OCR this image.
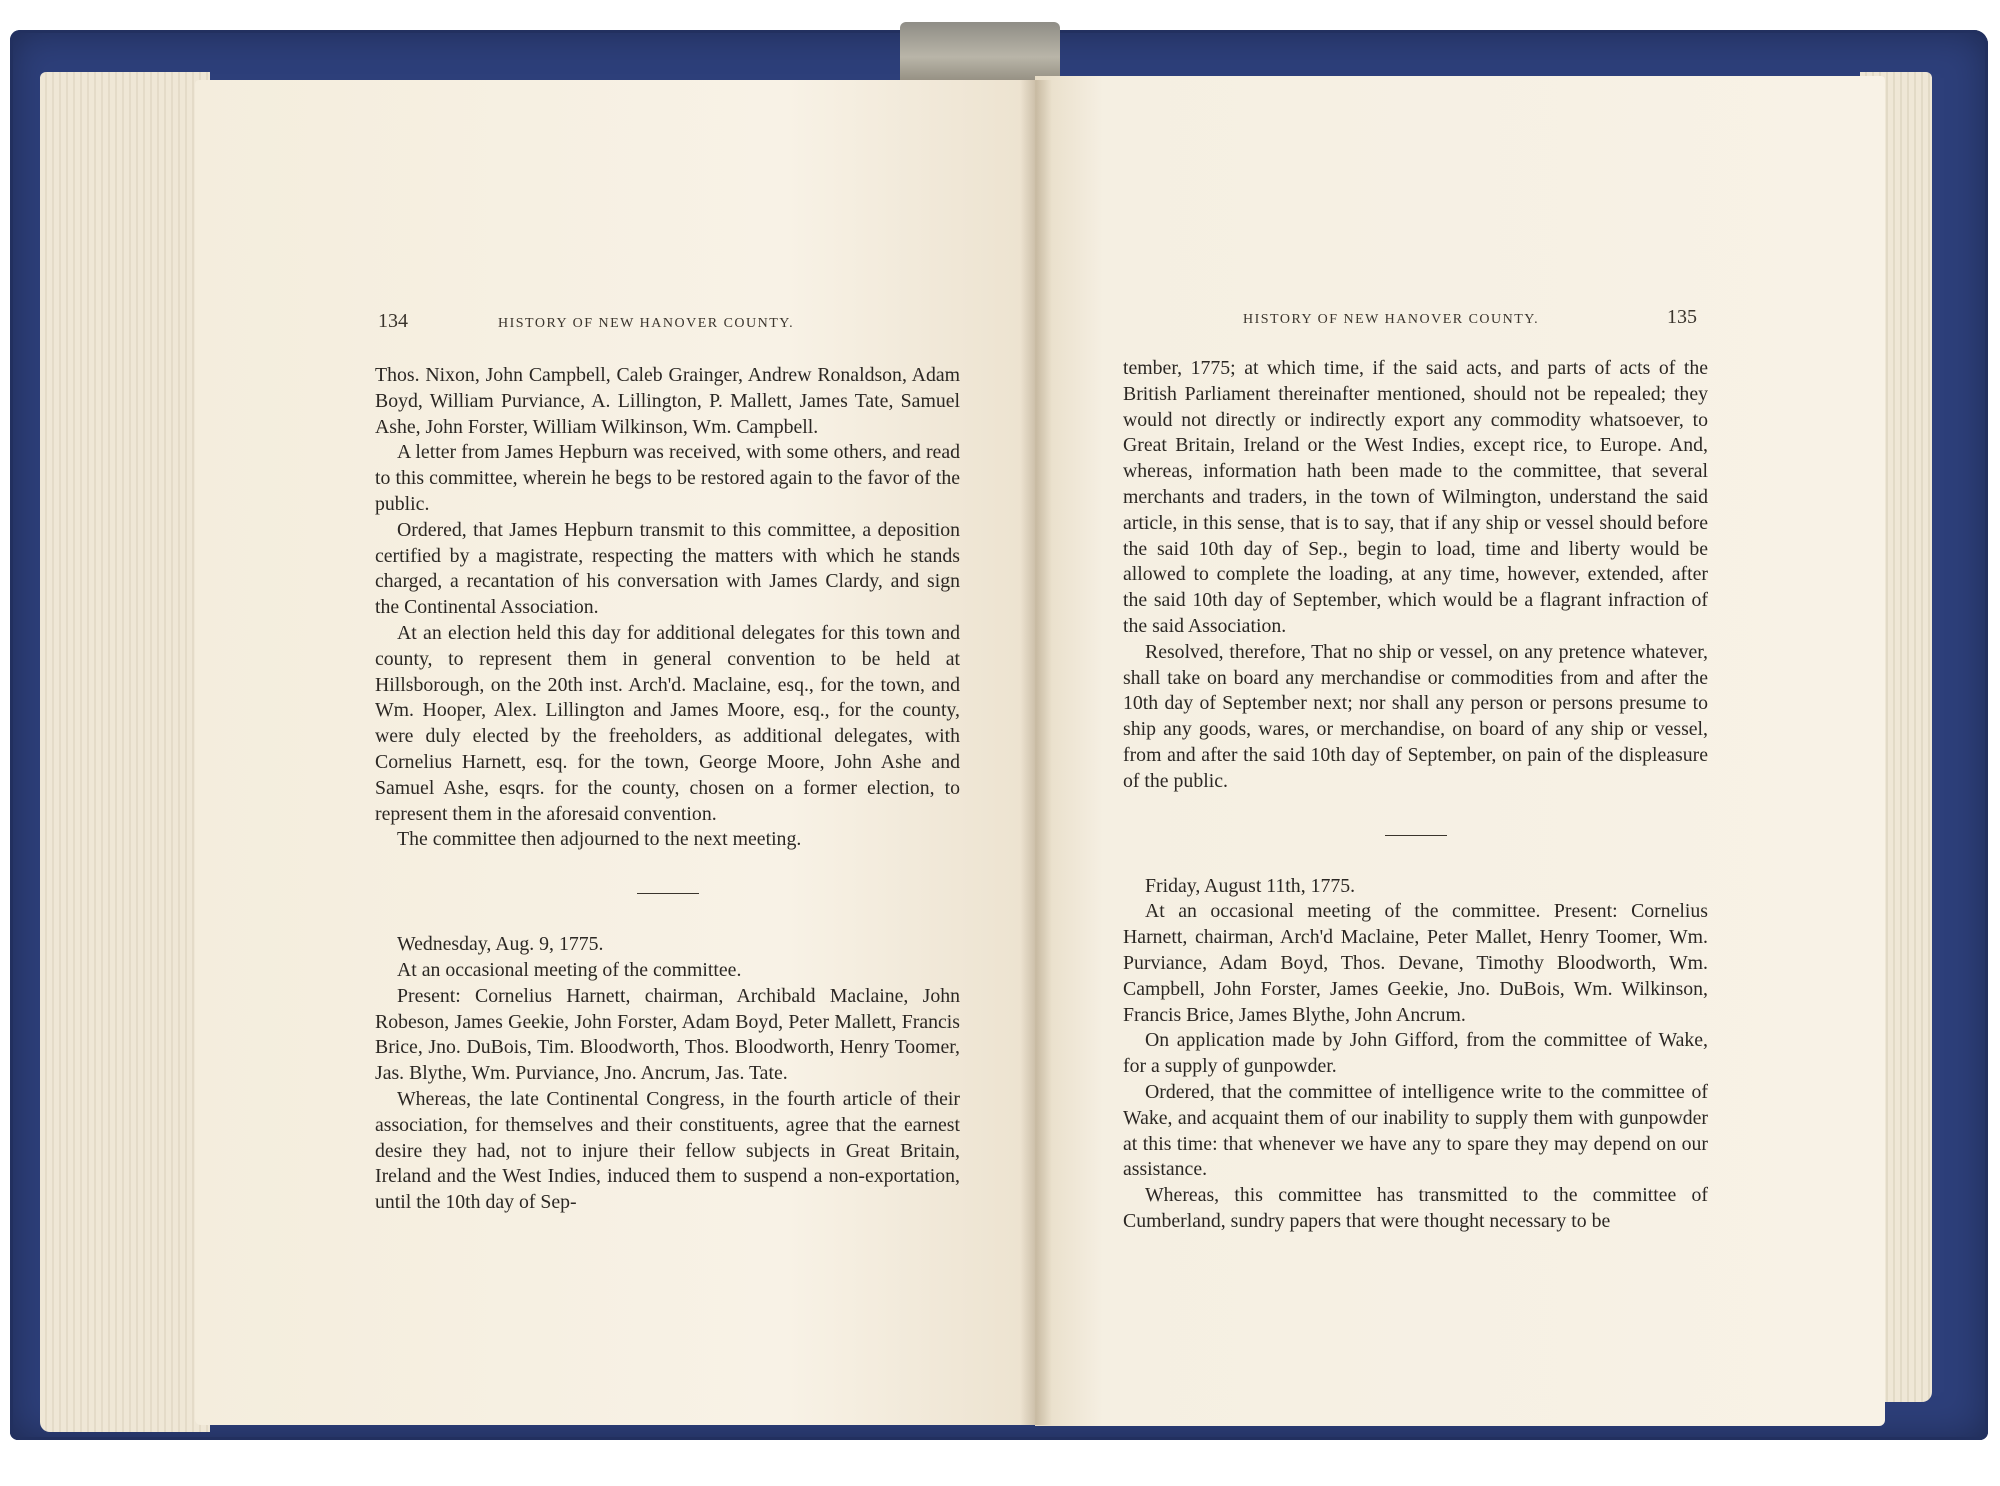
134	HISTORY OF NEW HANOVER COUNTY.

Thos. Nixon, John Campbell, Caleb Grainger, Andrew Ronaldson, Adam Boyd, William Purviance, A. Lillington, P. Mallett, James Tate, Samuel Ashe, John Forster, William Wilkinson, Wm. Campbell.

A letter from James Hepburn was received, with some others, and read to this committee, wherein he begs to be restored again to the favor of the public.

Ordered, that James Hepburn transmit to this committee, a deposition certified by a magistrate, respecting the matters with which he stands charged, a recantation of his conversation with James Clardy, and sign the Continental Association.

At an election held this day for additional delegates for this town and county, to represent them in general convention to be held at Hillsborough, on the 20th inst. Arch'd. Maclaine, esq., for the town, and Wm. Hooper, Alex. Lillington and James Moore, esq., for the county, were duly elected by the freeholders, as additional delegates, with Cornelius Harnett, esq. for the town, George Moore, John Ashe and Samuel Ashe, esqrs. for the county, chosen on a former election, to represent them in the aforesaid convention.

The committee then adjourned to the next meeting.

Wednesday, Aug. 9, 1775.

At an occasional meeting of the committee.

Present: Cornelius Harnett, chairman, Archibald Maclaine, John Robeson, James Geekie, John Forster, Adam Boyd, Peter Mallett, Francis Brice, Jno. DuBois, Tim. Bloodworth, Thos. Bloodworth, Henry Toomer, Jas. Blythe, Wm. Purviance, Jno. Ancrum, Jas. Tate.

Whereas, the late Continental Congress, in the fourth article of their association, for themselves and their constituents, agree that the earnest desire they had, not to injure their fellow subjects in Great Britain, Ireland and the West Indies, induced them to suspend a non-exportation, until the 10th day of Sep-

HISTORY OF NEW HANOVER COUNTY.	135

tember, 1775; at which time, if the said acts, and parts of acts of the British Parliament thereinafter mentioned, should not be repealed; they would not directly or indirectly export any commodity whatsoever, to Great Britain, Ireland or the West Indies, except rice, to Europe. And, whereas, information hath been made to the committee, that several merchants and traders, in the town of Wilmington, understand the said article, in this sense, that is to say, that if any ship or vessel should before the said 10th day of Sep., begin to load, time and liberty would be allowed to complete the loading, at any time, however, extended, after the said 10th day of September, which would be a flagrant infraction of the said Association.

Resolved, therefore, That no ship or vessel, on any pretence whatever, shall take on board any merchandise or commodities from and after the 10th day of September next; nor shall any person or persons presume to ship any goods, wares, or merchandise, on board of any ship or vessel, from and after the said 10th day of September, on pain of the displeasure of the public.

Friday, August 11th, 1775.

At an occasional meeting of the committee. Present: Cornelius Harnett, chairman, Arch'd Maclaine, Peter Mallet, Henry Toomer, Wm. Purviance, Adam Boyd, Thos. Devane, Timothy Bloodworth, Wm. Campbell, John Forster, James Geekie, Jno. DuBois, Wm. Wilkinson, Francis Brice, James Blythe, John Ancrum.

On application made by John Gifford, from the committee of Wake, for a supply of gunpowder.

Ordered, that the committee of intelligence write to the committee of Wake, and acquaint them of our inability to supply them with gunpowder at this time: that whenever we have any to spare they may depend on our assistance.

Whereas, this committee has transmitted to the committee of Cumberland, sundry papers that were thought necessary to be
